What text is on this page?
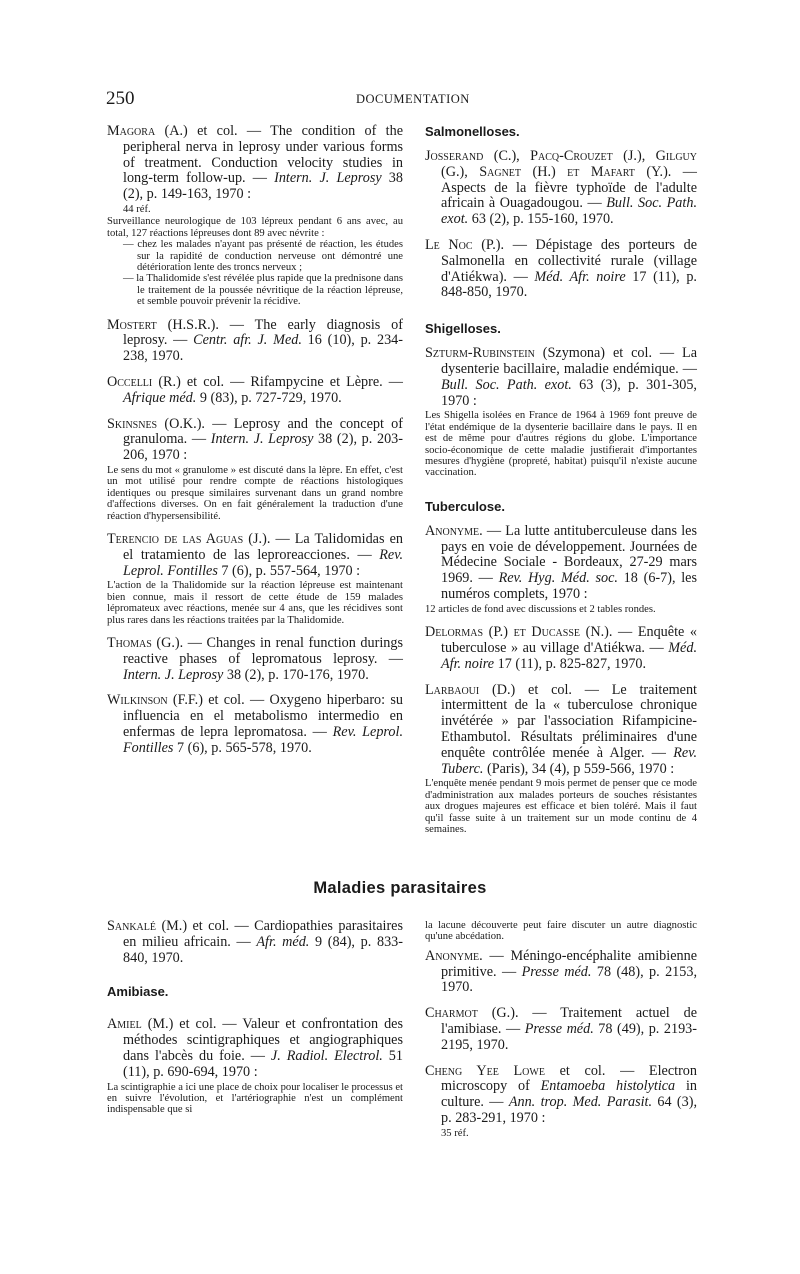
250	DOCUMENTATION
Magora (A.) et col. — The condition of the peripheral nerva in leprosy under various forms of treatment. Conduction velocity studies in long-term follow-up. — Intern. J. Leprosy 38 (2), p. 149-163, 1970 :
44 réf.
Surveillance neurologique de 103 lépreux pendant 6 ans avec, au total, 127 réactions lépreuses dont 89 avec névrite :
— chez les malades n'ayant pas présenté de réaction, les études sur la rapidité de conduction nerveuse ont démontré une détérioration lente des troncs nerveux ;
— la Thalidomide s'est révélée plus rapide que la prednisone dans le traitement de la poussée névritique de la réaction lépreuse, et semble pouvoir prévenir la récidive.
Mostert (H.S.R.). — The early diagnosis of leprosy. — Centr. afr. J. Med. 16 (10), p. 234-238, 1970.
Occelli (R.) et col. — Rifampycine et Lèpre. — Afrique méd. 9 (83), p. 727-729, 1970.
Skinsnes (O.K.). — Leprosy and the concept of granuloma. — Intern. J. Leprosy 38 (2), p. 203-206, 1970 :
Le sens du mot « granulome » est discuté dans la lèpre. En effet, c'est un mot utilisé pour rendre compte de réactions histologiques identiques ou presque similaires survenant dans un grand nombre d'affections diverses. On en fait généralement la traduction d'une réaction d'hypersensibilité.
Terencio de las Aguas (J.). — La Talidomidas en el tratamiento de las leproreacciones. — Rev. Leprol. Fontilles 7 (6), p. 557-564, 1970 :
L'action de la Thalidomide sur la réaction lépreuse est maintenant bien connue, mais il ressort de cette étude de 159 malades lépromateux avec réactions, menée sur 4 ans, que les récidives sont plus rares dans les réactions traitées par la Thalidomide.
Thomas (G.). — Changes in renal function durings reactive phases of lepromatous leprosy. — Intern. J. Leprosy 38 (2), p. 170-176, 1970.
Wilkinson (F.F.) et col. — Oxygeno hiperbaro: su influencia en el metabolismo intermedio en enfermas de lepra lepromatosa. — Rev. Leprol. Fontilles 7 (6), p. 565-578, 1970.
Salmonelloses.
Josserand (C.), Pacq-Crouzet (J.), Gilguy (G.), Sagnet (H.) et Mafart (Y.). — Aspects de la fièvre typhoïde de l'adulte africain à Ouagadougou. — Bull. Soc. Path. exot. 63 (2), p. 155-160, 1970.
Le Noc (P.). — Dépistage des porteurs de Salmonella en collectivité rurale (village d'Atiékwa). — Méd. Afr. noire 17 (11), p. 848-850, 1970.
Shigelloses.
Szturm-Rubinstein (Szymona) et col. — La dysenterie bacillaire, maladie endémique. — Bull. Soc. Path. exot. 63 (3), p. 301-305, 1970 :
Les Shigella isolées en France de 1964 à 1969 font preuve de l'état endémique de la dysenterie bacillaire dans le pays. Il en est de même pour d'autres régions du globe. L'importance socio-économique de cette maladie justifierait d'importantes mesures d'hygiène (propreté, habitat) puisqu'il n'existe aucune vaccination.
Tuberculose.
Anonyme. — La lutte antituberculeuse dans les pays en voie de développement. Journées de Médecine Sociale - Bordeaux, 27-29 mars 1969. — Rev. Hyg. Méd. soc. 18 (6-7), les numéros complets, 1970 :
12 articles de fond avec discussions et 2 tables rondes.
Delormas (P.) et Ducasse (N.). — Enquête « tuberculose » au village d'Atiékwa. — Méd. Afr. noire 17 (11), p. 825-827, 1970.
Larbaoui (D.) et col. — Le traitement intermittent de la « tuberculose chronique invétérée » par l'association Rifampicine-Ethambutol. Résultats préliminaires d'une enquête contrôlée menée à Alger. — Rev. Tuberc. (Paris), 34 (4), p 559-566, 1970 :
L'enquête menée pendant 9 mois permet de penser que ce mode d'administration aux malades porteurs de souches résistantes aux drogues majeures est efficace et bien toléré. Mais il faut qu'il fasse suite à un traitement sur un mode continu de 4 semaines.
Maladies parasitaires
Sankalé (M.) et col. — Cardiopathies parasitaires en milieu africain. — Afr. méd. 9 (84), p. 833-840, 1970.
Amibiase.
Amiel (M.) et col. — Valeur et confrontation des méthodes scintigraphiques et angiographiques dans l'abcès du foie. — J. Radiol. Electrol. 51 (11), p. 690-694, 1970 :
La scintigraphie a ici une place de choix pour localiser le processus et en suivre l'évolution, et l'artériographie n'est un complément indispensable que si
la lacune découverte peut faire discuter un autre diagnostic qu'une abcédation.
Anonyme. — Méningo-encéphalite amibienne primitive. — Presse méd. 78 (48), p. 2153, 1970.
Charmot (G.). — Traitement actuel de l'amibiase. — Presse méd. 78 (49), p. 2193-2195, 1970.
Cheng Yee Lowe et col. — Electron microscopy of Entamoeba histolytica in culture. — Ann. trop. Med. Parasit. 64 (3), p. 283-291, 1970 :
35 réf.
